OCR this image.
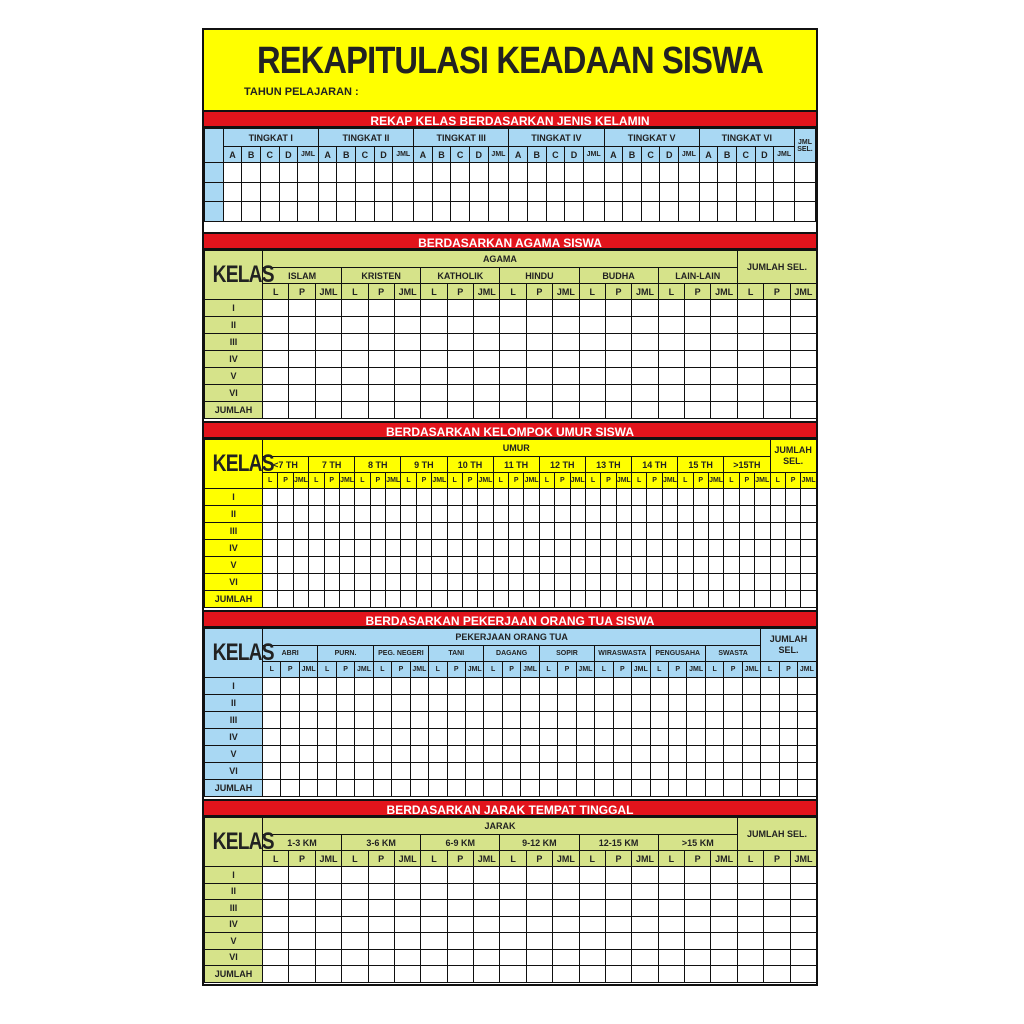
REKAPITULASI KEADAAN SISWA
TAHUN PELAJARAN :
REKAP KELAS BERDASARKAN JENIS KELAMIN
	TINGKAT I					TINGKAT II					TINGKAT III					TINGKAT IV					TINGKAT V					TINGKAT VI					JML SEL.
	A	B	C	D	JML	A	B	C	D	JML	A	B	C	D	JML	A	B	C	D	JML	A	B	C	D	JML	A	B	C	D	JML	

BERDASARKAN AGAMA SISWA
KELAS	AGAMA																		JUMLAH SEL.		
	ISLAM			KRISTEN			KATHOLIK			HINDU			BUDHA			LAIN-LAIN					
	L	P	JML	L	P	JML	L	P	JML	L	P	JML	L	P	JML	L	P	JML	L	P	JML
I																					
II																					
III																					
IV																					
V																					
VI																					
JUMLAH																					
BERDASARKAN KELOMPOK UMUR SISWA
KELAS	UMUR																																	JUMLAH SEL.		
	<7 TH			7 TH			8 TH			9 TH			10 TH			11 TH			12 TH			13 TH			14 TH			15 TH			>15TH					
	L	P	JML	L	P	JML	L	P	JML	L	P	JML	L	P	JML	L	P	JML	L	P	JML	L	P	JML	L	P	JML	L	P	JML	L	P	JML	L	P	JML
I																																				
II																																				
III																																				
IV																																				
V																																				
VI																																				
JUMLAH																																				
BERDASARKAN PEKERJAAN ORANG TUA SISWA
KELAS	PEKERJAAN ORANG TUA																											JUMLAH SEL.		
	ABRI			PURN.			PEG. NEGERI			TANI			DAGANG			SOPIR			WIRASWASTA			PENGUSAHA			SWASTA					
	L	P	JML	L	P	JML	L	P	JML	L	P	JML	L	P	JML	L	P	JML	L	P	JML	L	P	JML	L	P	JML	L	P	JML
I																														
II																														
III																														
IV																														
V																														
VI																														
JUMLAH																														
BERDASARKAN JARAK TEMPAT TINGGAL
KELAS	JARAK																		JUMLAH SEL.		
	1-3 KM			3-6 KM			6-9 KM			9-12 KM			12-15 KM			>15 KM					
	L	P	JML	L	P	JML	L	P	JML	L	P	JML	L	P	JML	L	P	JML	L	P	JML
I																					
II																					
III																					
IV																					
V																					
VI																					
JUMLAH																					
